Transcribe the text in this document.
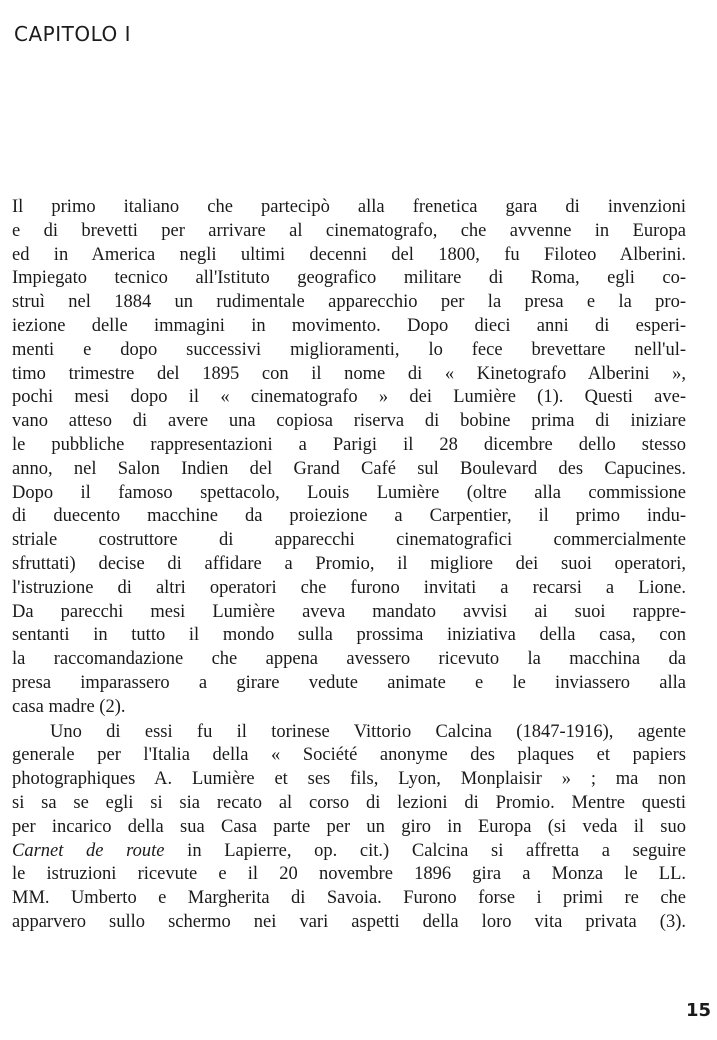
CAPITOLO I

Il primo italiano che partecipò alla frenetica gara di invenzioni
e di brevetti per arrivare al cinematografo, che avvenne in Europa
ed in America negli ultimi decenni del 1800, fu Filoteo Alberini.
Impiegato tecnico all'Istituto geografico militare di Roma, egli co-
struì nel 1884 un rudimentale apparecchio per la presa e la pro-
iezione delle immagini in movimento. Dopo dieci anni di esperi-
menti e dopo successivi miglioramenti, lo fece brevettare nell'ul-
timo trimestre del 1895 con il nome di « Kinetografo Alberini »,
pochi mesi dopo il « cinematografo » dei Lumière (1). Questi ave-
vano atteso di avere una copiosa riserva di bobine prima di iniziare
le pubbliche rappresentazioni a Parigi il 28 dicembre dello stesso
anno, nel Salon Indien del Grand Café sul Boulevard des Capucines.
Dopo il famoso spettacolo, Louis Lumière (oltre alla commissione
di duecento macchine da proiezione a Carpentier, il primo indu-
striale costruttore di apparecchi cinematografici commercialmente
sfruttati) decise di affidare a Promio, il migliore dei suoi operatori,
l'istruzione di altri operatori che furono invitati a recarsi a Lione.
Da parecchi mesi Lumière aveva mandato avvisi ai suoi rappre-
sentanti in tutto il mondo sulla prossima iniziativa della casa, con
la raccomandazione che appena avessero ricevuto la macchina da
presa imparassero a girare vedute animate e le inviassero alla
casa madre (2).

Uno di essi fu il torinese Vittorio Calcina (1847-1916), agente
generale per l'Italia della « Société anonyme des plaques et papiers
photographiques A. Lumière et ses fils, Lyon, Monplaisir » ; ma non
si sa se egli si sia recato al corso di lezioni di Promio. Mentre questi
per incarico della sua Casa parte per un giro in Europa (si veda il suo
Carnet de route in Lapierre, op. cit.) Calcina si affretta a seguire
le istruzioni ricevute e il 20 novembre 1896 gira a Monza le LL.
MM. Umberto e Margherita di Savoia. Furono forse i primi re che
apparvero sullo schermo nei vari aspetti della loro vita privata (3).

15
